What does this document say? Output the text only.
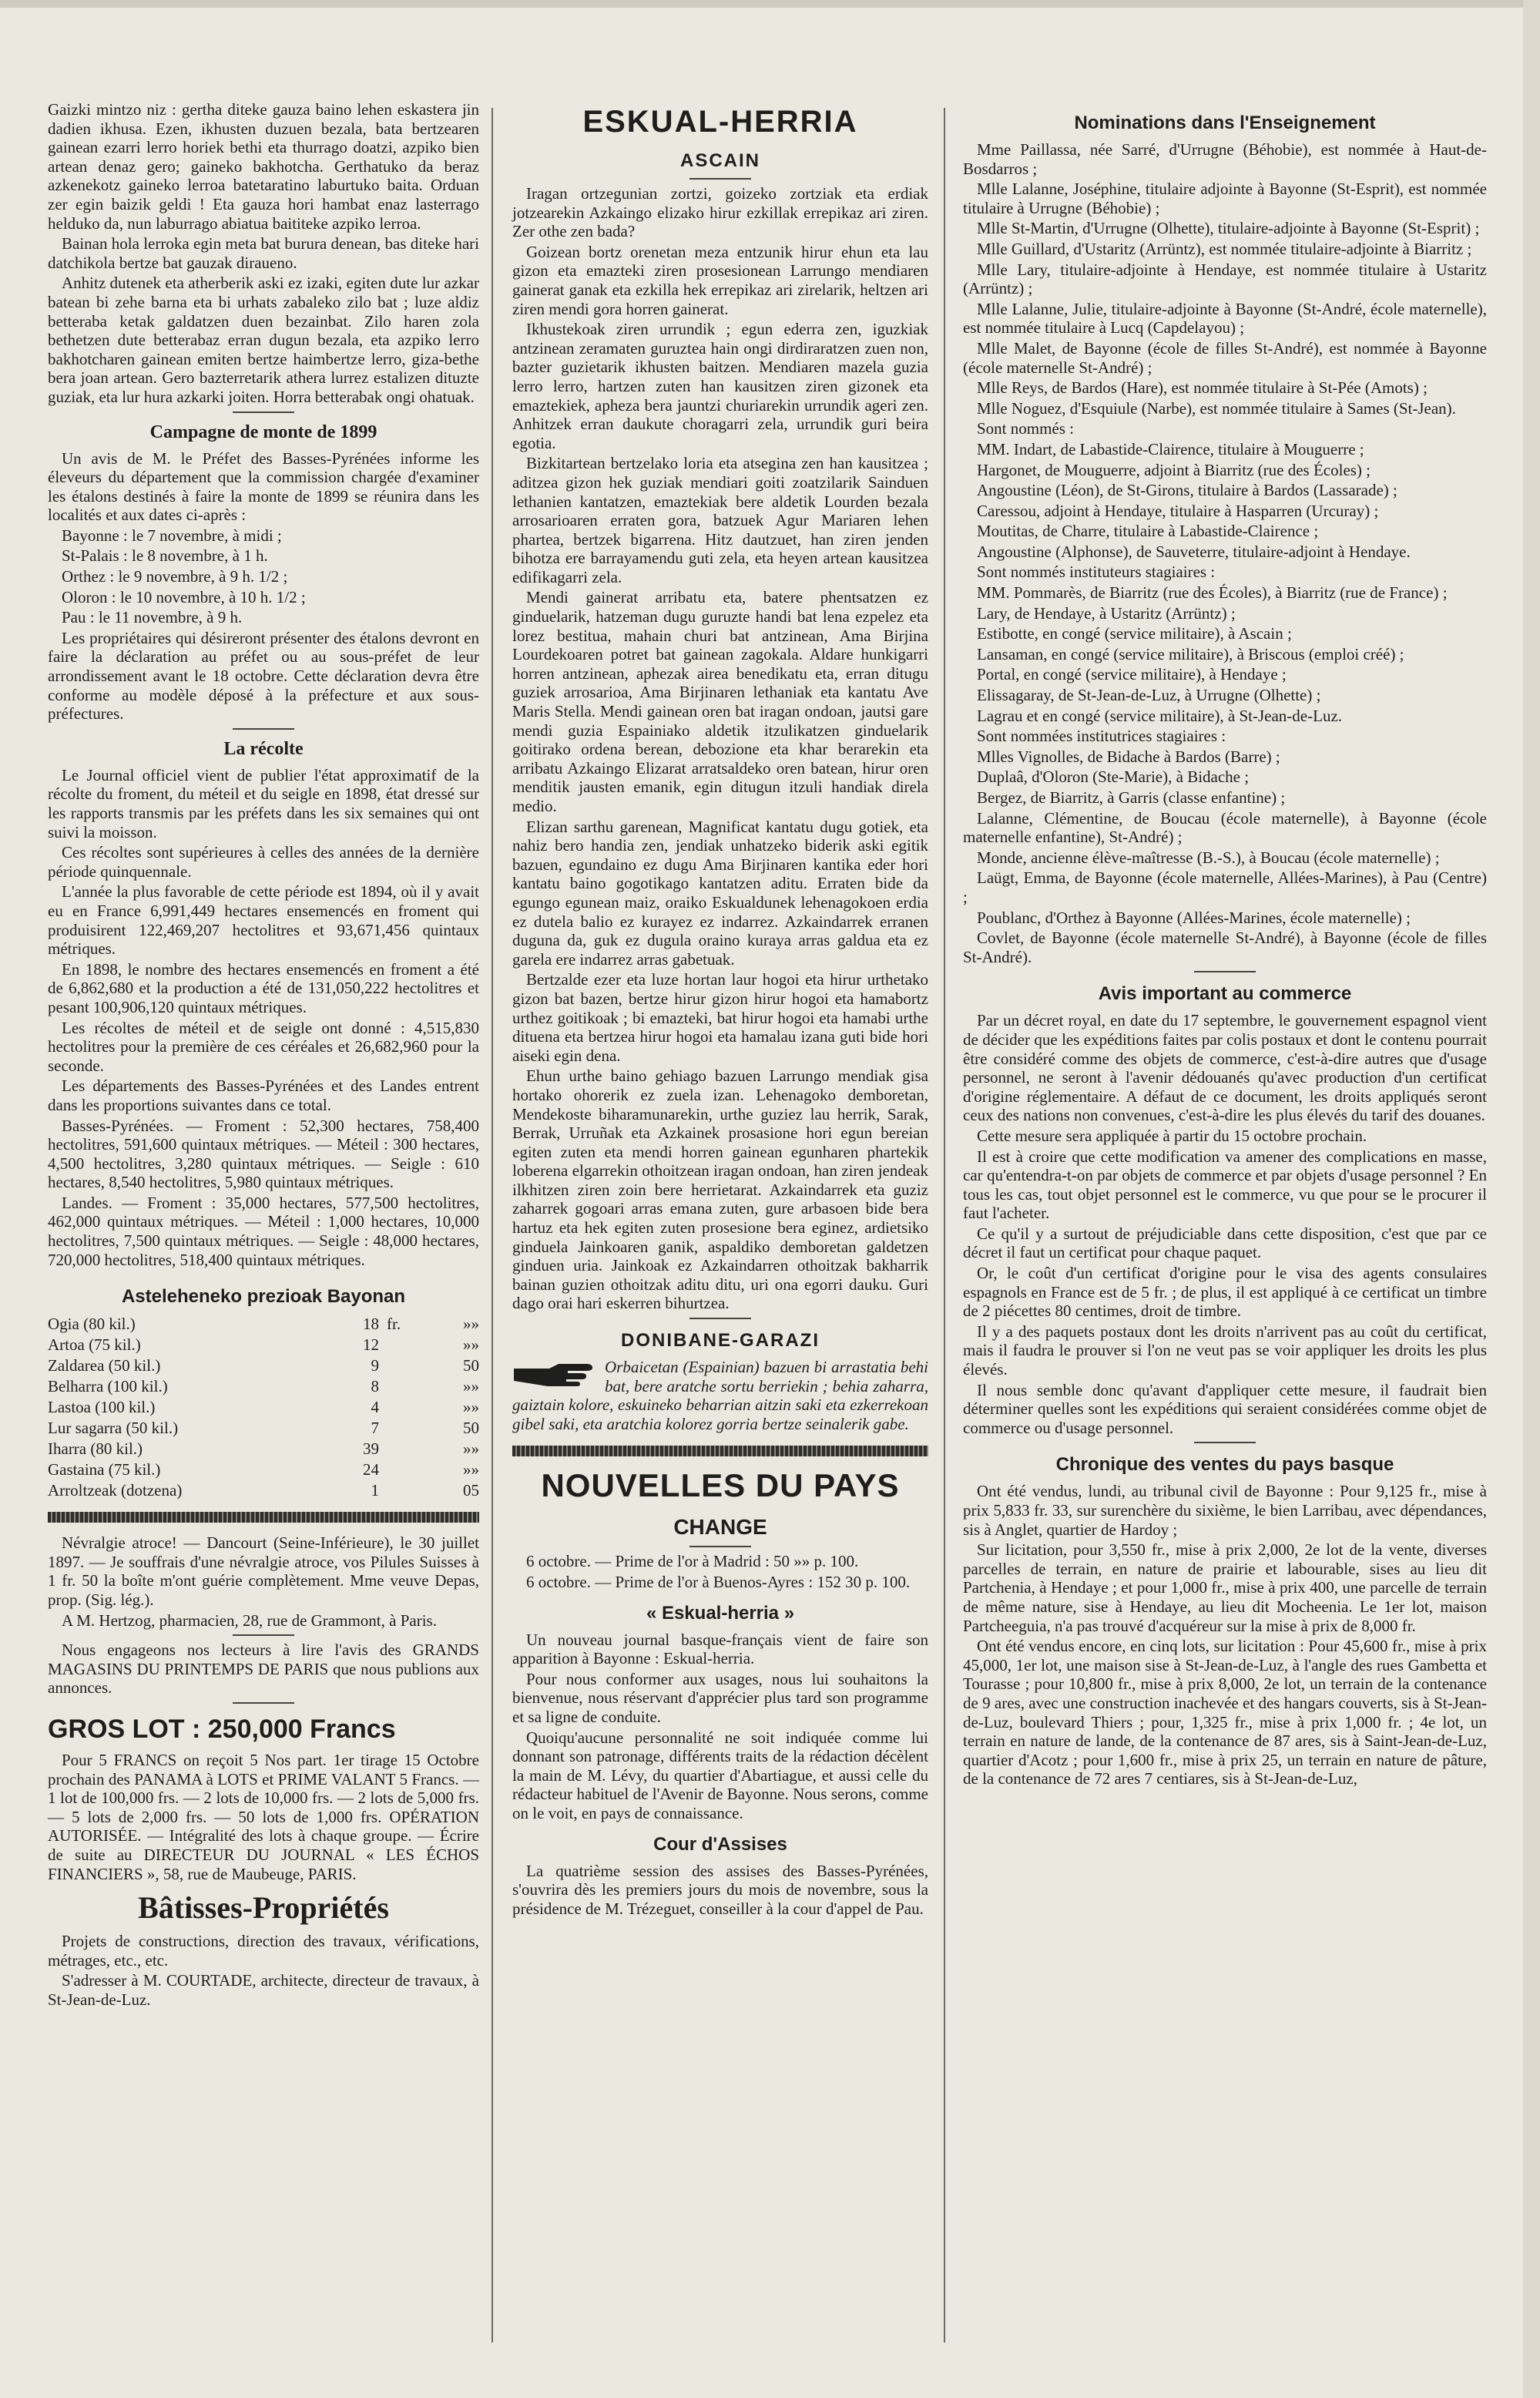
Gaizki mintzo niz : gertha diteke gauza baino lehen eskastera jin dadien ikhusa. Ezen, ikhusten duzuen bezala, bata bertzearen gainean ezarri lerro horiek bethi eta thurrago doatzi, azpiko bien artean denaz gero; gaineko bakhotcha. Gerthatuko da beraz azkenekotz gaineko lerroa batetaratino laburtuko baita. Orduan zer egin baizik geldi ! Eta gauza hori hambat enaz lasterrago helduko da, nun laburrago abiatua baititeke azpiko lerroa.

Bainan hola lerroka egin meta bat bururа denean, bas diteke hari datchikola bertze bat gauzak diraueno.

Anhitz dutenek eta atherberik aski ez izaki, egiten dute lur azkar batean bi zehe barna eta bi urhats zabaleko zilo bat ; luze aldiz betteraba ketak galdatzen duen bezainbat. Zilo haren zola bethetzen dute betterabaz erran dugun bezala, eta azpiko lerro bakhotcharen gainean emiten bertze haimbertze lerro, giza-bethe bera joan artean. Gero bazterretarik athera lurrez estalizen dituzte guziak, eta lur hura azkarki joiten. Horra betterabak ongi ohatuak.

Campagne de monte de 1899

Un avis de M. le Préfet des Basses-Pyrénées informe les éleveurs du département que la commission chargée d'examiner les étalons destinés à faire la monte de 1899 se réunira dans les localités et aux dates ci-après :

Bayonne : le 7 novembre, à midi ;

St-Palais : le 8 novembre, à 1 h.

Orthez : le 9 novembre, à 9 h. 1/2 ;

Oloron : le 10 novembre, à 10 h. 1/2 ;

Pau : le 11 novembre, à 9 h.

Les propriétaires qui désireront présenter des étalons devront en faire la déclaration au préfet ou au sous-préfet de leur arrondissement avant le 18 octobre. Cette déclaration devra être conforme au modèle déposé à la préfecture et aux sous-préfectures.

La récolte

Le Journal officiel vient de publier l'état approximatif de la récolte du froment, du méteil et du seigle en 1898, état dressé sur les rapports transmis par les préfets dans les six semaines qui ont suivi la moisson.

Ces récoltes sont supérieures à celles des années de la dernière période quinquennale.

L'année la plus favorable de cette période est 1894, où il y avait eu en France 6,991,449 hectares ensemencés en froment qui produisirent 122,469,207 hectolitres et 93,671,456 quintaux métriques.

En 1898, le nombre des hectares ensemencés en froment a été de 6,862,680 et la production a été de 131,050,222 hectolitres et pesant 100,906,120 quintaux métriques.

Les récoltes de méteil et de seigle ont donné : 4,515,830 hectolitres pour la première de ces céréales et 26,682,960 pour la seconde.

Les départements des Basses-Pyrénées et des Landes entrent dans les proportions suivantes dans ce total.

Basses-Pyrénées. — Froment : 52,300 hectares, 758,400 hectolitres, 591,600 quintaux métriques. — Méteil : 300 hectares, 4,500 hectolitres, 3,280 quintaux métriques. — Seigle : 610 hectares, 8,540 hectolitres, 5,980 quintaux métriques.

Landes. — Froment : 35,000 hectares, 577,500 hectolitres, 462,000 quintaux métriques. — Méteil : 1,000 hectares, 10,000 hectolitres, 7,500 quintaux métriques. — Seigle : 48,000 hectares, 720,000 hectolitres, 518,400 quintaux métriques.

Astelehеneko prezioak Bayonan
Ogia (80 kil.)	18	fr.	»»
Artoa (75 kil.)	12		»»
Zaldarea (50 kil.)	9		50
Belharra (100 kil.)	8		»»
Lastoa (100 kil.)	4		»»
Lur sagarra (50 kil.)	7		50
Iharra (80 kil.)	39		»»
Gastaina (75 kil.)	24		»»
Arroltzeak (dotzena)	1		05

Névralgie atroce! — Dancourt (Seine-Inférieure), le 30 juillet 1897. — Je souffrais d'une névralgie atroce, vos Pilules Suisses à 1 fr. 50 la boîte m'ont guérie complètement. Mme veuve Depas, prop. (Sig. lég.).

A M. Hertzog, pharmacien, 28, rue de Grammont, à Paris.

Nous engageons nos lecteurs à lire l'avis des GRANDS MAGASINS DU PRINTEMPS DE PARIS que nous publions aux annonces.

GROS LOT : 250,000 Francs

Pour 5 FRANCS on reçoit 5 Nos part. 1er tirage 15 Octobre prochain des PANAMA à LOTS et PRIME VALANT 5 Francs. — 1 lot de 100,000 frs. — 2 lots de 10,000 frs. — 2 lots de 5,000 frs. — 5 lots de 2,000 frs. — 50 lots de 1,000 frs. OPÉRATION AUTORISÉE. — Intégralité des lots à chaque groupe. — Écrire de suite au DIRECTEUR DU JOURNAL « LES ÉCHOS FINANCIERS », 58, rue de Maubeuge, PARIS.

Bâtisses-Propriétés

Projets de constructions, direction des travaux, vérifications, métrages, etc., etc.

S'adresser à M. COURTADE, architecte, directeur de travaux, à St-Jean-de-Luz.

ESKUAL-HERRIA
ASCAIN

Iragan ortzeguniаn zortzi, goizeko zortziak eta erdiak jotzearekin Azkaingo elizako hirur ezkillak errepikaz ari ziren. Zer othe zen bada?

Goizean bortz orenetan meza entzunik hirur ehun eta lau gizon eta emazteki ziren prosesionean Larrungo mendiaren gainerat ganak eta ezkilla hek errepikaz ari zirelarik, heltzen ari ziren mendi gora horren gainerat.

Ikhustekoak ziren urrundik ; egun ederra zen, iguzkiak antzinean zeramaten guruztea hain ongi dirdiraratzen zuen non, bazter guzietarik ikhusten baitzen. Mendiaren mazela guzia lerro lerro, hartzen zuten han kausitzen ziren gizonek eta emaztekiek, apheza bera jauntzi churiarekin urrundik ageri zen. Anhitzek erran daukute choragarri zela, urrundik guri beira egotia.

Bizkitartean bertzelako loria eta atsegina zen han kausitzea ; aditzea gizon hek guziak mendiari goiti zoatzilarik Sainduen lethanien kantatzen, emaztekiak bere aldetik Lourden bezala arrosarioaren erraten gora, batzuek Agur Mariaren lehen phartea, bertzek bigarrena. Hitz dautzuet, han ziren jenden bihotza ere barrayamendu guti zela, eta heyen artean kausitzea edifikagarri zela.

Mendi gainerat arribatu eta, batere phentsatzen ez ginduelarik, hatzeman dugu guruzte handi bat lena ezpelez eta lorez bestitua, mahain churi bat antzinean, Ama Birjina Lourdekoaren potret bat gainean zagokala. Aldare hunkigarri horren antzinean, aphezak airea benedikatu eta, erran ditugu guziek arrosarioa, Ama Birjinaren lethaniak eta kantatu Ave Maris Stella. Mendi gainean oren bat iragan ondoan, jautsi gare mendi guzia Espainiako aldetik itzulikatzen ginduelarik goitirako ordena berean, debozione eta khar berarekin eta arribatu Azkaingo Elizarat arratsaldeko oren batean, hirur oren menditik jausten emanik, egin ditugun itzuli handiak direla medio.

Elizan sarthu garenean, Magnificat kantatu dugu gotiek, eta nahiz bero handia zen, jendiak unhatzeko biderik aski egitik bazuen, egundaino ez dugu Ama Birjinaren kantika eder hori kantatu baino gogotikago kantatzen aditu. Erraten bide da egungo egunean maiz, oraiko Eskualdunek lehenagokoen erdia ez dutela balio ez kurayez ez indarrez. Azkaindarrek erranen duguna da, guk ez dugula oraino kuraya arras galdua eta ez garela ere indarrez arras gabetuak.

Bertzalde ezer eta luze hortan laur hogoi eta hirur urthetako gizon bat bazen, bertze hirur gizon hirur hogoi eta hamabortz urthez goitikoak ; bi emazteki, bat hirur hogoi eta hamabi urthe dituena eta bertzea hirur hogoi eta hamalau izana guti bide hori aiseki egin dena.

Ehun urthe baino gehiago bazuen Larrungo mendiak gisa hortako ohorerik ez zuela izan. Lehenagoko demboretan, Mendekoste biharamunarekin, urthe guziez lau herrik, Sarak, Berrak, Urruñak eta Azkainek prosasione hori egun bereian egiten zuten eta mendi horren gainean egunharen phartekik loberena elgarrekin othoitzean iragan ondoan, han ziren jendeak ilkhitzen ziren zoin bere herrietarat. Azkaindarrek eta guziz zaharrek gogoari arras emana zuten, gure arbasoen bide bera hartuz eta hek egiten zuten prosesione bera eginez, ardietsiko ginduela Jainkoaren ganik, aspaldiko demboretan galdetzen ginduen uria. Jainkoak ez Azkaindarren othoitzak bakharrik bainan guzien othoitzak aditu ditu, uri ona egorri dauku. Guri dago orai hari eskerren bihurtzea.

DONIBANE-GARAZI

Orbaicetan (Espainian) bazuen bi arrastatia behi bat, bere aratche sortu berriekin ; behia zaharra, gaiztain kolore, eskuineko beharrian aitzin saki eta ezkerrekoan gibel saki, eta aratchia kolorez gorria bertze seinalerik gabe.

NOUVELLES DU PAYS
CHANGE

6 octobre. — Prime de l'or à Madrid : 50 »» p. 100.

6 octobre. — Prime de l'or à Buenos-Ayres : 152 30 p. 100.

« Eskual-herria »

Un nouveau journal basque-français vient de faire son apparition à Bayonne : Eskual-herria.

Pour nous conformer aux usages, nous lui souhaitons la bienvenue, nous réservant d'apprécier plus tard son programme et sa ligne de conduite.

Quoiqu'aucune personnalité ne soit indiquée comme lui donnant son patronage, différents traits de la rédaction décèlent la main de M. Lévy, du quartier d'Abartiague, et aussi celle du rédacteur habituel de l'Avenir de Bayonne. Nous serons, comme on le voit, en pays de connaissance.

Cour d'Assises

La quatrième session des assises des Basses-Pyrénées, s'ouvrira dès les premiers jours du mois de novembre, sous la présidence de M. Trézeguet, conseiller à la cour d'appel de Pau.

Nominations dans l'Enseignement

Mme Paillassa, née Sarré, d'Urrugne (Béhobie), est nommée à Haut-de-Bosdarros ;

Mlle Lalanne, Joséphine, titulaire adjointe à Bayonne (St-Esprit), est nommée titulaire à Urrugne (Béhobie) ;

Mlle St-Martin, d'Urrugne (Olhette), titulaire-adjointe à Bayonne (St-Esprit) ;

Mlle Guillard, d'Ustaritz (Arrüntz), est nommée titulaire-adjointe à Biarritz ;

Mlle Lary, titulaire-adjointe à Hendaye, est nommée titulaire à Ustaritz (Arrüntz) ;

Mlle Lalanne, Julie, titulaire-adjointe à Bayonne (St-André, école maternelle), est nommée titulaire à Lucq (Capdelayou) ;

Mlle Malet, de Bayonne (école de filles St-André), est nommée à Bayonne (école maternelle St-André) ;

Mlle Reys, de Bardos (Hare), est nommée titulaire à St-Pée (Amots) ;

Mlle Noguez, d'Esquiule (Narbe), est nommée titulaire à Sames (St-Jean).

Sont nommés :

MM. Indart, de Labastide-Clairence, titulaire à Mouguerre ;

Hargonet, de Mouguerre, adjoint à Biarritz (rue des Écoles) ;

Angoustine (Léon), de St-Girons, titulaire à Bardos (Lassarade) ;

Caressou, adjoint à Hendaye, titulaire à Hasparren (Urcuray) ;

Moutitas, de Charre, titulaire à Labastide-Clairence ;

Angoustine (Alphonse), de Sauveterre, titulaire-adjoint à Hendaye.

Sont nommés instituteurs stagiaires :

MM. Pommarès, de Biarritz (rue des Écoles), à Biarritz (rue de France) ;

Lary, de Hendaye, à Ustaritz (Arrüntz) ;

Estibotte, en congé (service militaire), à Ascain ;

Lansaman, en congé (service militaire), à Briscous (emploi créé) ;

Portal, en congé (service militaire), à Hendaye ;

Elissagaray, de St-Jean-de-Luz, à Urrugne (Olhette) ;

Lagrau et en congé (service militaire), à St-Jean-de-Luz.

Sont nommées institutrices stagiaires :

Mlles Vignolles, de Bidache à Bardos (Barre) ;

Duplaâ, d'Oloron (Ste-Marie), à Bidache ;

Bergez, de Biarritz, à Garris (classe enfantine) ;

Lalanne, Clémentine, de Boucau (école maternelle), à Bayonne (école maternelle enfantine), St-André) ;

Monde, ancienne élève-maîtresse (B.-S.), à Boucau (école maternelle) ;

Laügt, Emma, de Bayonne (école maternelle, Allées-Marines), à Pau (Centre) ;

Poublanc, d'Orthez à Bayonne (Allées-Marines, école maternelle) ;

Covlet, de Bayonne (école maternelle St-André), à Bayonne (école de filles St-André).

Avis important au commerce

Par un décret royal, en date du 17 septembre, le gouvernement espagnol vient de décider que les expéditions faites par colis postaux et dont le contenu pourrait être considéré comme des objets de commerce, c'est-à-dire autres que d'usage personnel, ne seront à l'avenir dédouanés qu'avec production d'un certificat d'origine réglementaire. A défaut de ce document, les droits appliqués seront ceux des nations non convenues, c'est-à-dire les plus élevés du tarif des douanes.

Cette mesure sera appliquée à partir du 15 octobre prochain.

Il est à croire que cette modification va amener des complications en masse, car qu'entendra-t-on par objets de commerce et par objets d'usage personnel ? En tous les cas, tout objet personnel est le commerce, vu que pour se le procurer il faut l'acheter.

Ce qu'il y a surtout de préjudiciable dans cette disposition, c'est que par ce décret il faut un certificat pour chaque paquet.

Or, le coût d'un certificat d'origine pour le visa des agents consulaires espagnols en France est de 5 fr. ; de plus, il est appliqué à ce certificat un timbre de 2 piécettes 80 centimes, droit de timbre.

Il y a des paquets postaux dont les droits n'arrivent pas au coût du certificat, mais il faudra le prouver si l'on ne veut pas se voir appliquer les droits les plus élevés.

Il nous semble donc qu'avant d'appliquer cette mesure, il faudrait bien déterminer quelles sont les expéditions qui seraient considérées comme objet de commerce ou d'usage personnel.

Chronique des ventes du pays basque

Ont été vendus, lundi, au tribunal civil de Bayonne : Pour 9,125 fr., mise à prix 5,833 fr. 33, sur surenchère du sixième, le bien Larribau, avec dépendances, sis à Anglet, quartier de Hardoy ;

Sur licitation, pour 3,550 fr., mise à prix 2,000, 2e lot de la vente, diverses parcelles de terrain, en nature de prairie et labourable, sises au lieu dit Partchenia, à Hendaye ; et pour 1,000 fr., mise à prix 400, une parcelle de terrain de même nature, sise à Hendaye, au lieu dit Mocheenia. Le 1er lot, maison Partcheeguia, n'a pas trouvé d'acquéreur sur la mise à prix de 8,000 fr.

Ont été vendus encore, en cinq lots, sur licitation : Pour 45,600 fr., mise à prix 45,000, 1er lot, une maison sise à St-Jean-de-Luz, à l'angle des rues Gambetta et Tourasse ; pour 10,800 fr., mise à prix 8,000, 2e lot, un terrain de la contenance de 9 ares, avec une construction inachevée et des hangars couverts, sis à St-Jean-de-Luz, boulevard Thiers ; pour, 1,325 fr., mise à prix 1,000 fr. ; 4e lot, un terrain en nature de lande, de la contenance de 87 ares, sis à Saint-Jean-de-Luz, quartier d'Acotz ; pour 1,600 fr., mise à prix 25, un terrain en nature de pâture, de la contenance de 72 ares 7 centiares, sis à St-Jean-de-Luz,
